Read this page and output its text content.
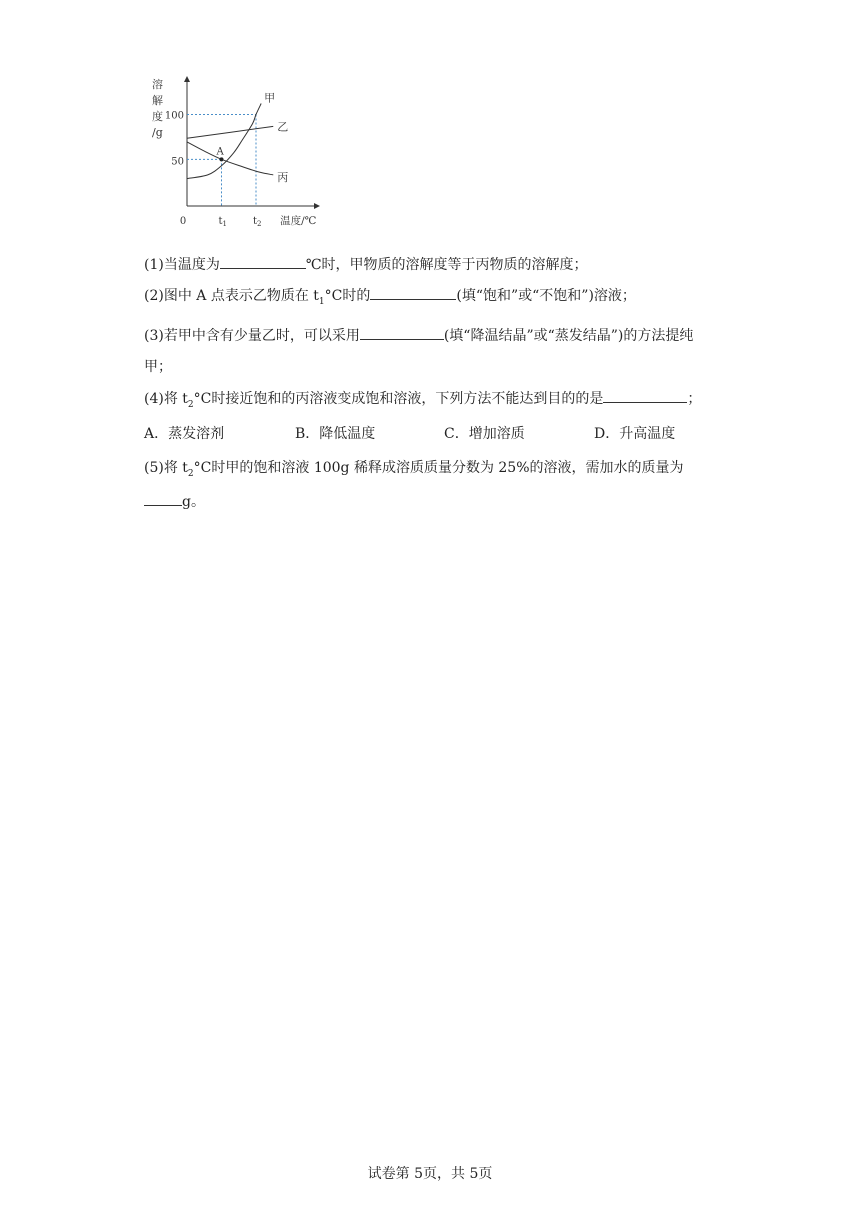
溶
解
度
/g
0
50
100
$t_1$	$t_2$ 温度/℃
甲
乙
丙
A
(1)当温度为	℃时，甲物质的溶解度等于丙物质的溶解度；
(2)图中 A 点表示乙物质在 $t_1^\circ C$时的	(填“饱和”或“不饱和”)溶液；
(3)若甲中含有少量乙时，可以采用	(填“降温结晶”或“蒸发结晶”)的方法提纯
甲；
(4)将 $t_2^\circ C$时接近饱和的丙溶液变成饱和溶液，下列方法不能达到目的的是	；
A．蒸发溶剂	B．降低温度	C．增加溶质	D．升高温度
(5)将 $t_2^\circ C$时甲的饱和溶液 100g 稀释成溶质质量分数为 25%的溶液，需加水的质量为
g。
试卷第 5页，共 5页
